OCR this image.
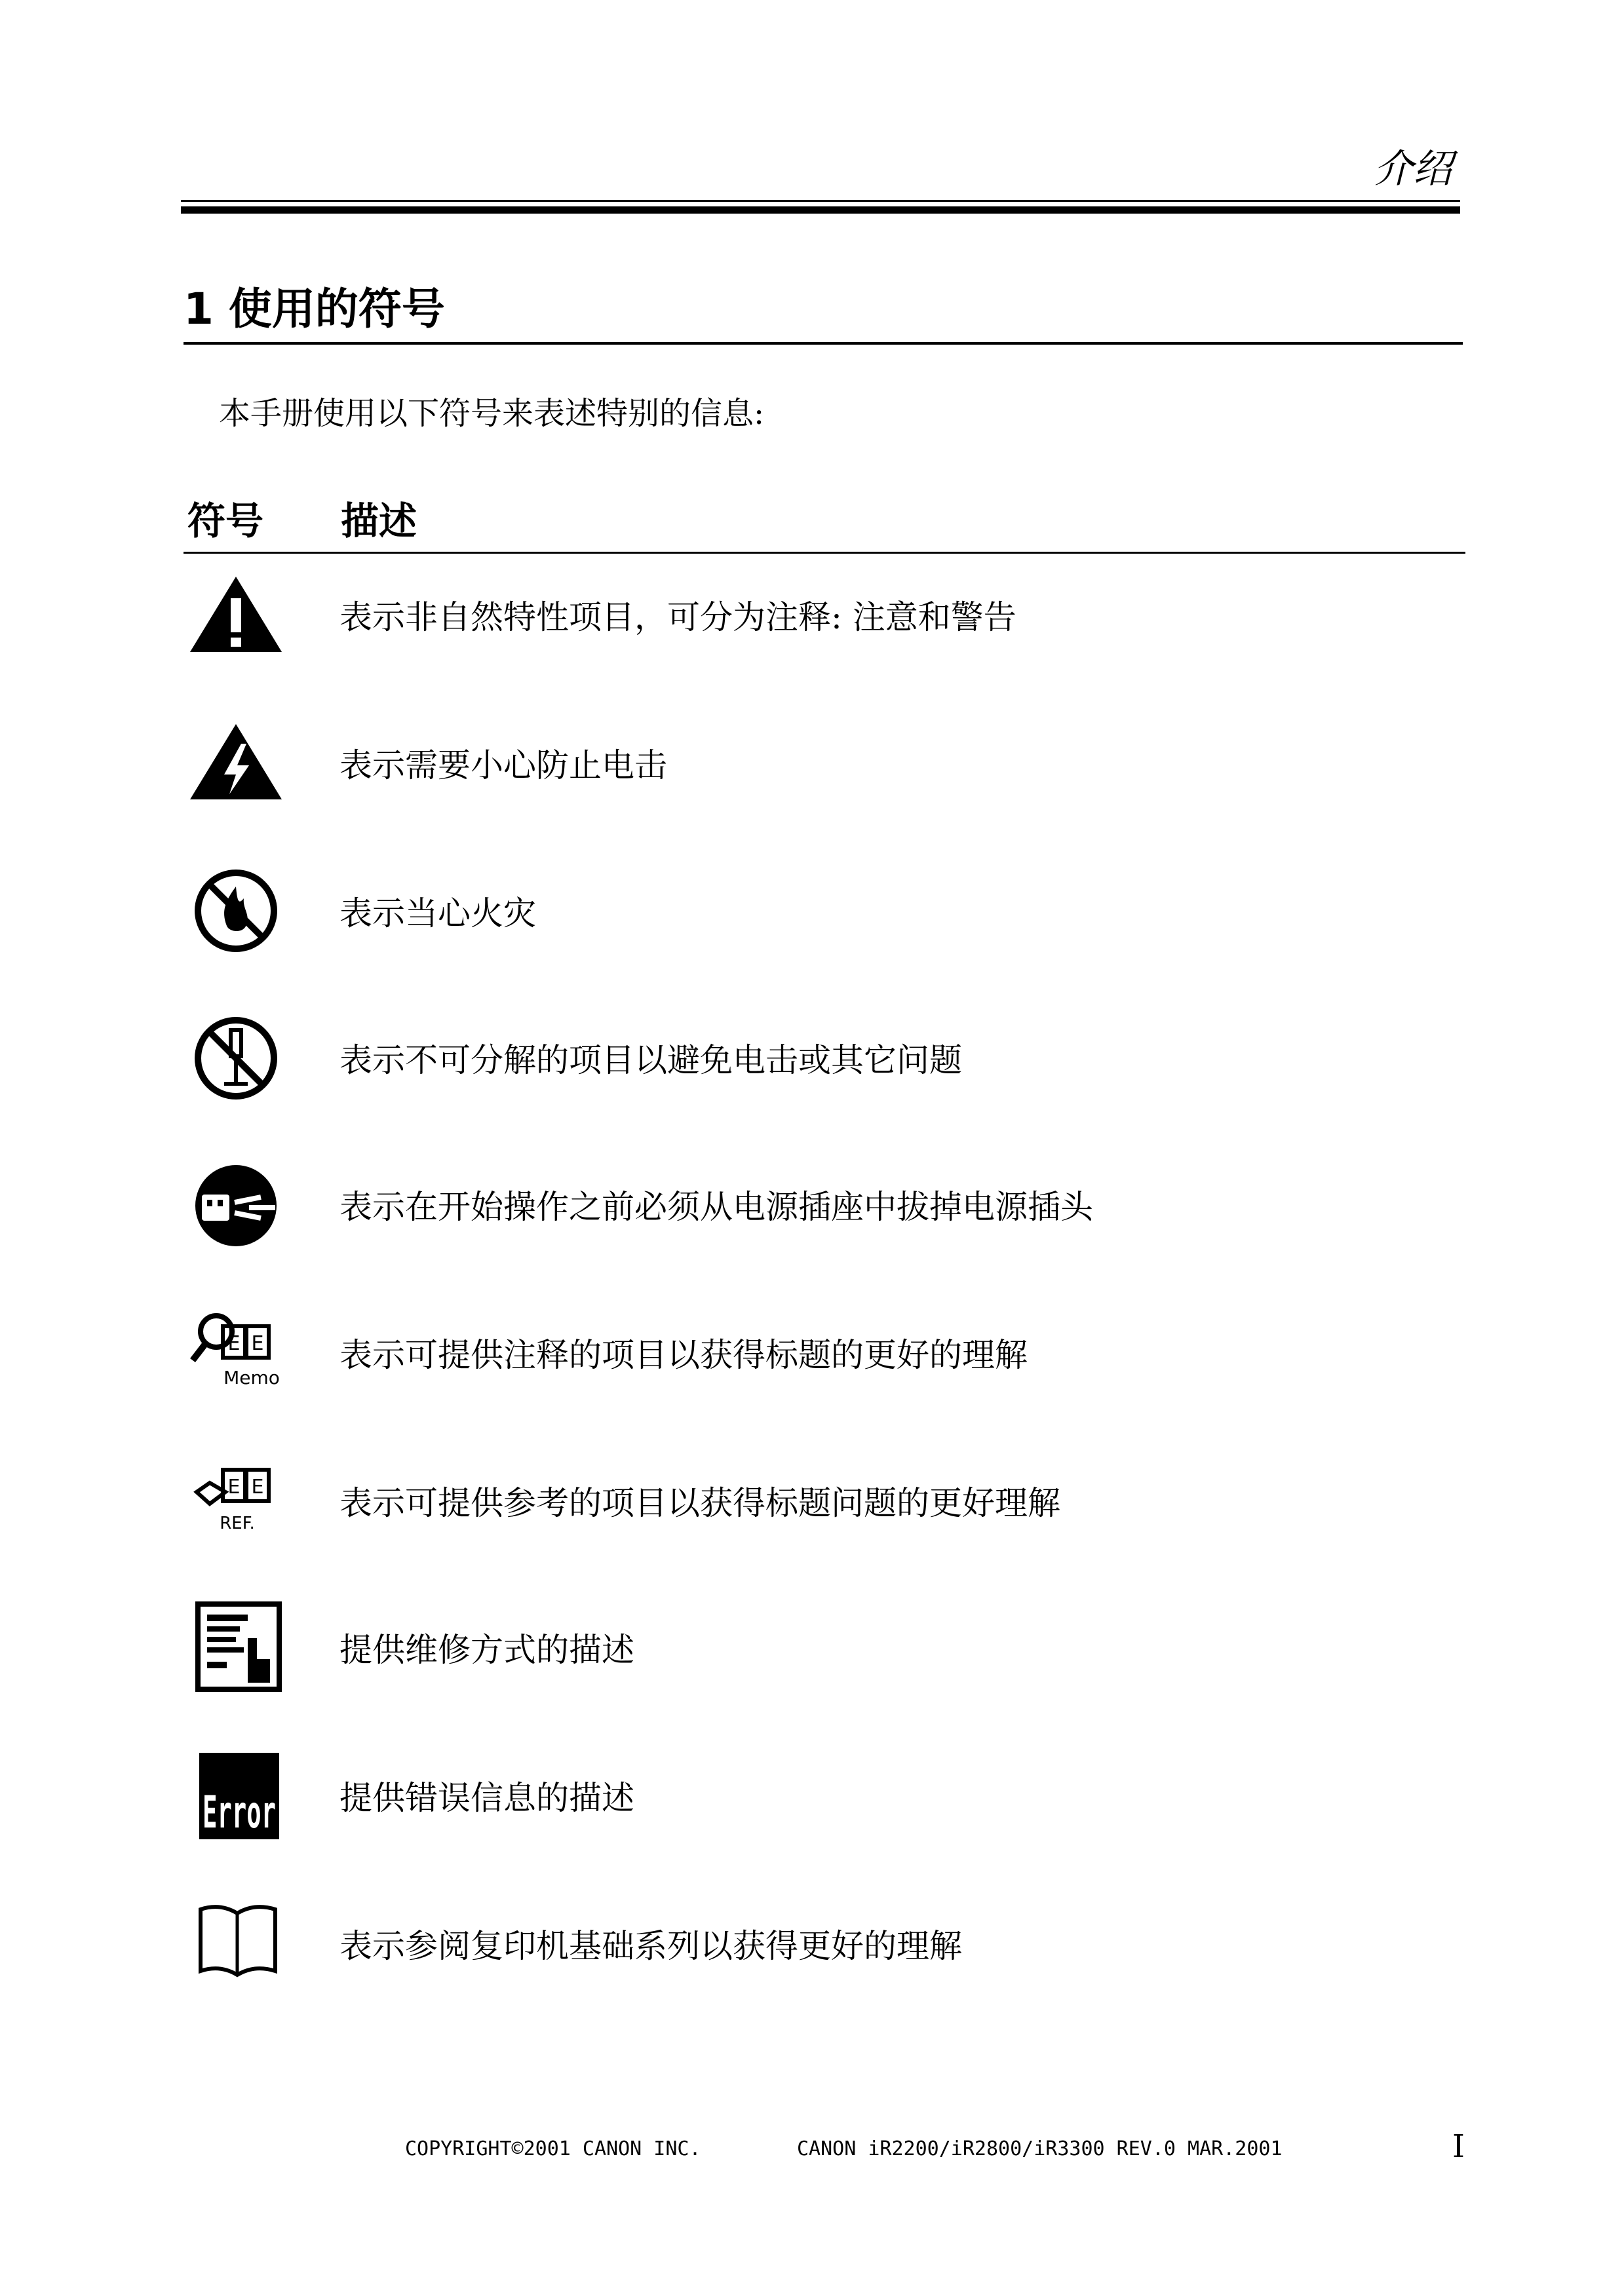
介绍
1 使用的符号
本手册使用以下符号来表述特别的信息:
符号 描述
表示非自然特性项目，可分为注释: 注意和警告
表示需要小心防止电击
表示当心火灾
表示不可分解的项目以避免电击或其它问题
表示在开始操作之前必须从电源插座中拔掉电源插头
E E
Memo
表示可提供注释的项目以获得标题的更好的理解
E E
REF.
表示可提供参考的项目以获得标题问题的更好理解
提供维修方式的描述
Error 提供错误信息的描述
表示参阅复印机基础系列以获得更好的理解
COPYRIGHT©2001 CANON INC.	CANON iR2200/iR2800/iR3300 REV.0 MAR.2001	I
